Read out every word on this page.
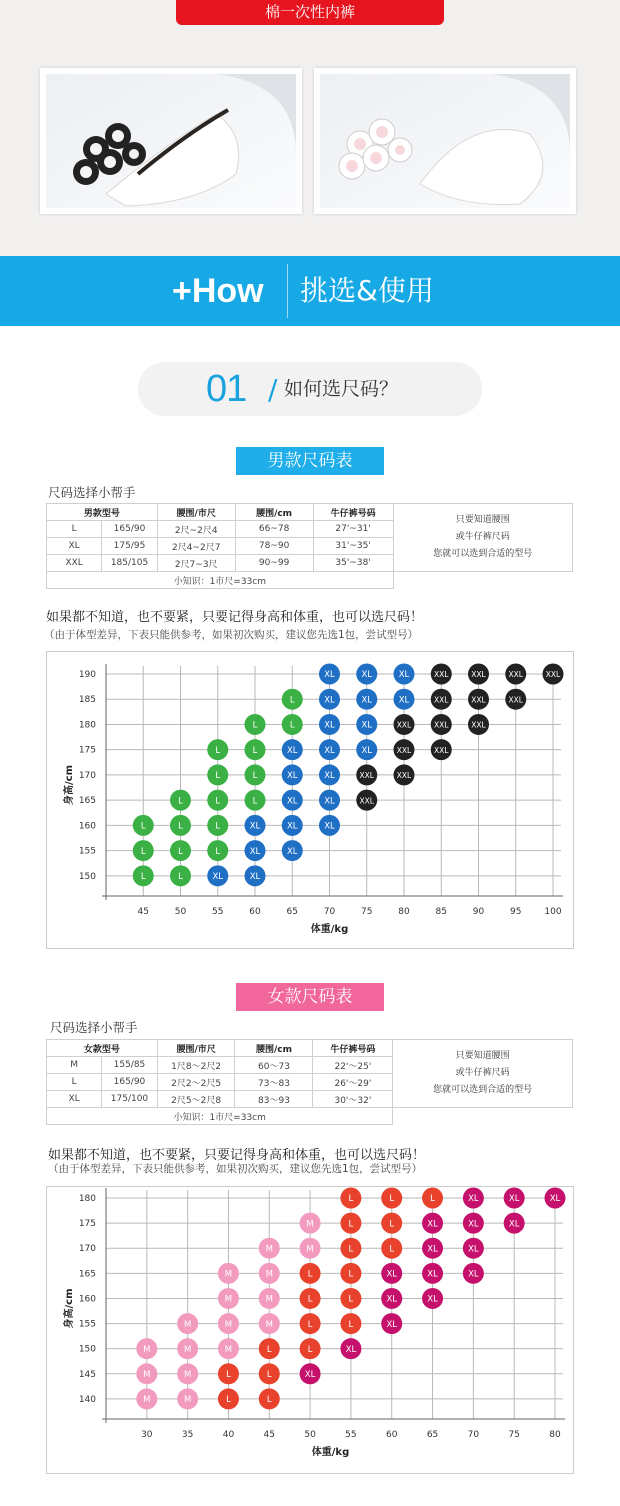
棉一次性内裤
+How 挑选&使用
01 / 如何选尺码？
男款尺码表
尺码选择小帮手
男款型号		腰围/市尺	腰围/cm	牛仔裤号码	只要知道腰围
或牛仔裤尺码
您就可以选到合适的型号

L	165/90	2尺~2尺4	66~78	27'~31'	
XL	175/95	2尺4~2尺7	78~90	31'~35'	
XXL	185/105	2尺7~3尺	90~99	35'~38'	
小知识：1市尺=33cm					
如果都不知道，也不要紧，只要记得身高和体重，也可以选尺码！
（由于体型差异，下表只能供参考，如果初次购买，建议您先选1包，尝试型号）
45	50	55	60	65	70	75	80	85	90	95	100
150
155
160
165
170
175
180
185
190
体重/kg
身高/cm
L
L
L
L
L
L
L
XL
L
L
L
L
L
XL
XL
XL
L
L
L
L
XL
XL
XL
XL
XL
L
L
XL
XL
XL
XL
XL
XL
XL
XXL
XXL
XL
XL
XL
XL
XXL
XXL
XXL
XL
XL
XXL
XXL
XXL
XXL
XXL
XXL
XXL
XXL
XXL	XXL
女款尺码表
尺码选择小帮手
女款型号		腰围/市尺	腰围/cm	牛仔裤号码	只要知道腰围
或牛仔裤尺码
您就可以选到合适的型号

M	155/85	1尺8～2尺2	60～73	22'～25'	
L	165/90	2尺2～2尺5	73～83	26'～29'	
XL	175/100	2尺5～2尺8	83～93	30'～32'	
小知识：1市尺=33cm					
如果都不知道，也不要紧，只要记得身高和体重，也可以选尺码！
（由于体型差异，下表只能供参考，如果初次购买，建议您先选1包，尝试型号）
30	35	40	45	50	55	60	65	70	75	80
140
145
150
155
160
165
170
175
180
体重/kg
身高/cm
M
M
M
M
M
M
M
L
L
M
M
M
M
L
L
L
M
M
M
M
XL
L
L
L
L
M
M
XL
L
L
L
L
L
L
XL
XL
XL
L
L
L
XL
XL
XL
XL
L
XL
XL
XL
XL
XL
XL	XL
